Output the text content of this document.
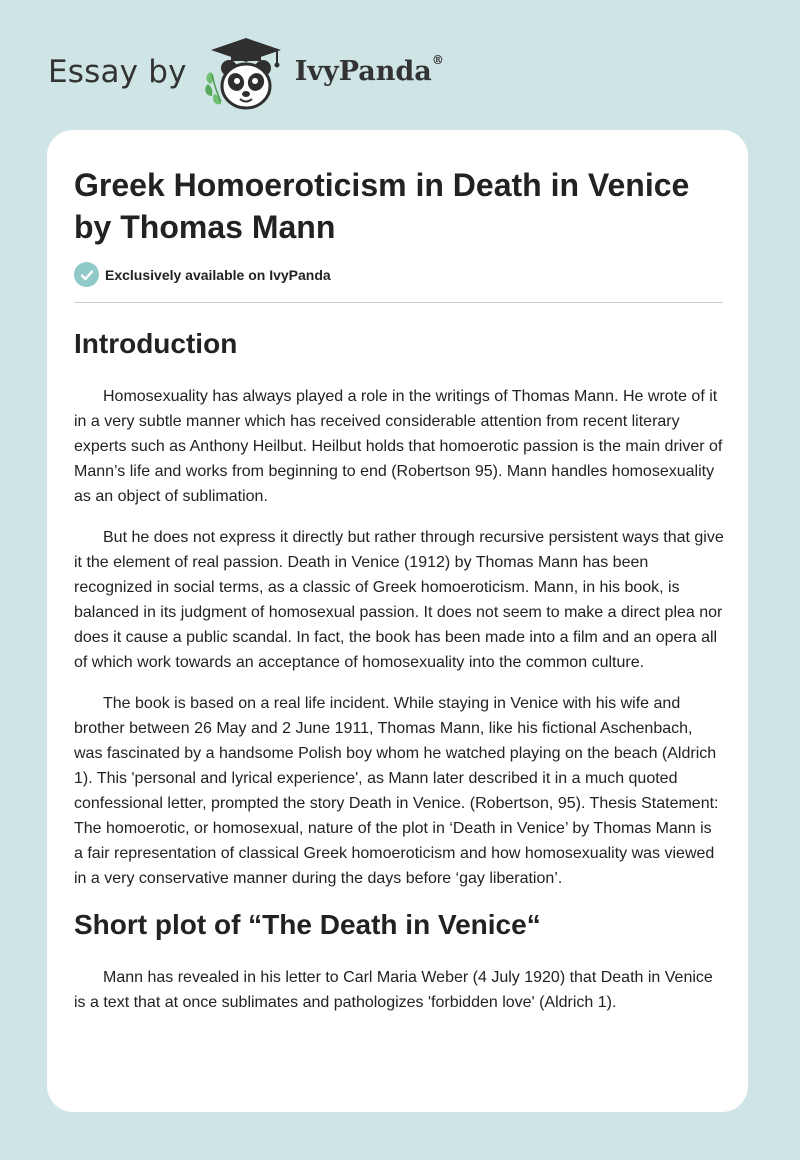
Essay by	IvyPanda®
Greek Homoeroticism in Death in Venice by Thomas Mann
Exclusively available on IvyPanda
Introduction

Homosexuality has always played a role in the writings of Thomas Mann. He wrote of it in a very subtle manner which has received considerable attention from recent literary experts such as Anthony Heilbut. Heilbut holds that homoerotic passion is the main driver of Mann’s life and works from beginning to end (Robertson 95). Mann handles homosexuality as an object of sublimation.

But he does not express it directly but rather through recursive persistent ways that give it the element of real passion. Death in Venice (1912) by Thomas Mann has been recognized in social terms, as a classic of Greek homoeroticism. Mann, in his book, is balanced in its judgment of homosexual passion. It does not seem to make a direct plea nor does it cause a public scandal. In fact, the book has been made into a film and an opera all of which work towards an acceptance of homosexuality into the common culture.

The book is based on a real life incident. While staying in Venice with his wife and brother between 26 May and 2 June 1911, Thomas Mann, like his fictional Aschenbach, was fascinated by a handsome Polish boy whom he watched playing on the beach (Aldrich 1). This 'personal and lyrical experience', as Mann later described it in a much quoted confessional letter, prompted the story Death in Venice. (Robertson, 95). Thesis Statement: The homoerotic, or homosexual, nature of the plot in ‘Death in Venice’ by Thomas Mann is a fair representation of classical Greek homoeroticism and how homosexuality was viewed in a very conservative manner during the days before ‘gay liberation’.

Short plot of “The Death in Venice“

Mann has revealed in his letter to Carl Maria Weber (4 July 1920) that Death in Venice is a text that at once sublimates and pathologizes 'forbidden love' (Aldrich 1).
